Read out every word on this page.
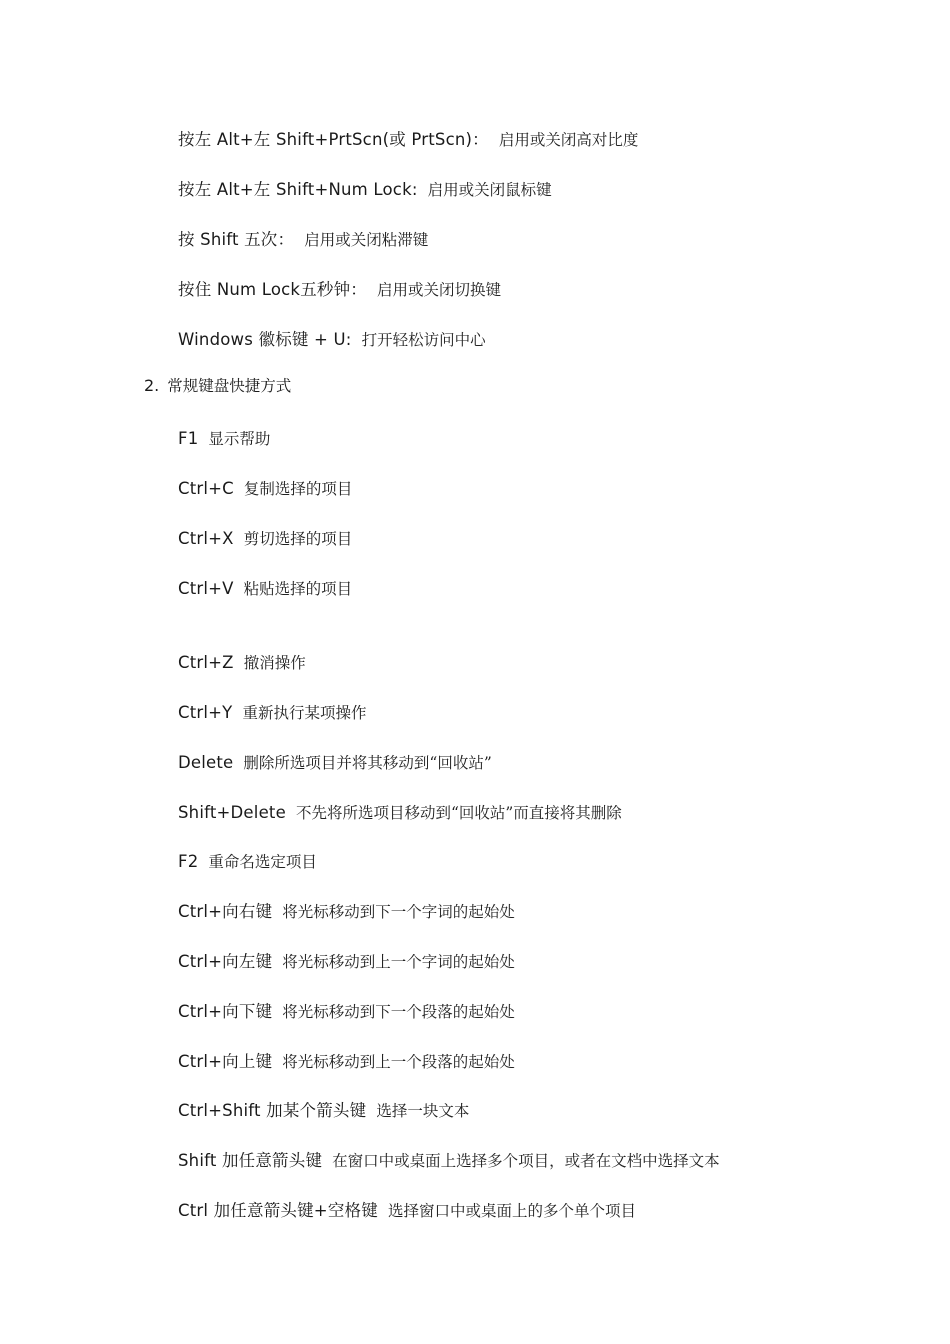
按左 Alt+左 Shift+PrtScn(或 PrtScn)： 启用或关闭高对比度
按左 Alt+左 Shift+Num Lock: 启用或关闭鼠标键
按 Shift 五次： 启用或关闭粘滞键
按住 Num Lock五秒钟： 启用或关闭切换键
Windows 徽标键 + U: 打开轻松访问中心
2. 常规键盘快捷方式
F1 显示帮助
Ctrl+C 复制选择的项目
Ctrl+X 剪切选择的项目
Ctrl+V 粘贴选择的项目
Ctrl+Z 撤消操作
Ctrl+Y 重新执行某项操作
Delete 删除所选项目并将其移动到“回收站”
Shift+Delete 不先将所选项目移动到“回收站”而直接将其删除
F2 重命名选定项目
Ctrl+向右键 将光标移动到下一个字词的起始处
Ctrl+向左键 将光标移动到上一个字词的起始处
Ctrl+向下键 将光标移动到下一个段落的起始处
Ctrl+向上键 将光标移动到上一个段落的起始处
Ctrl+Shift 加某个箭头键 选择一块文本
Shift 加任意箭头键 在窗口中或桌面上选择多个项目，或者在文档中选择文本
Ctrl 加任意箭头键+空格键 选择窗口中或桌面上的多个单个项目
